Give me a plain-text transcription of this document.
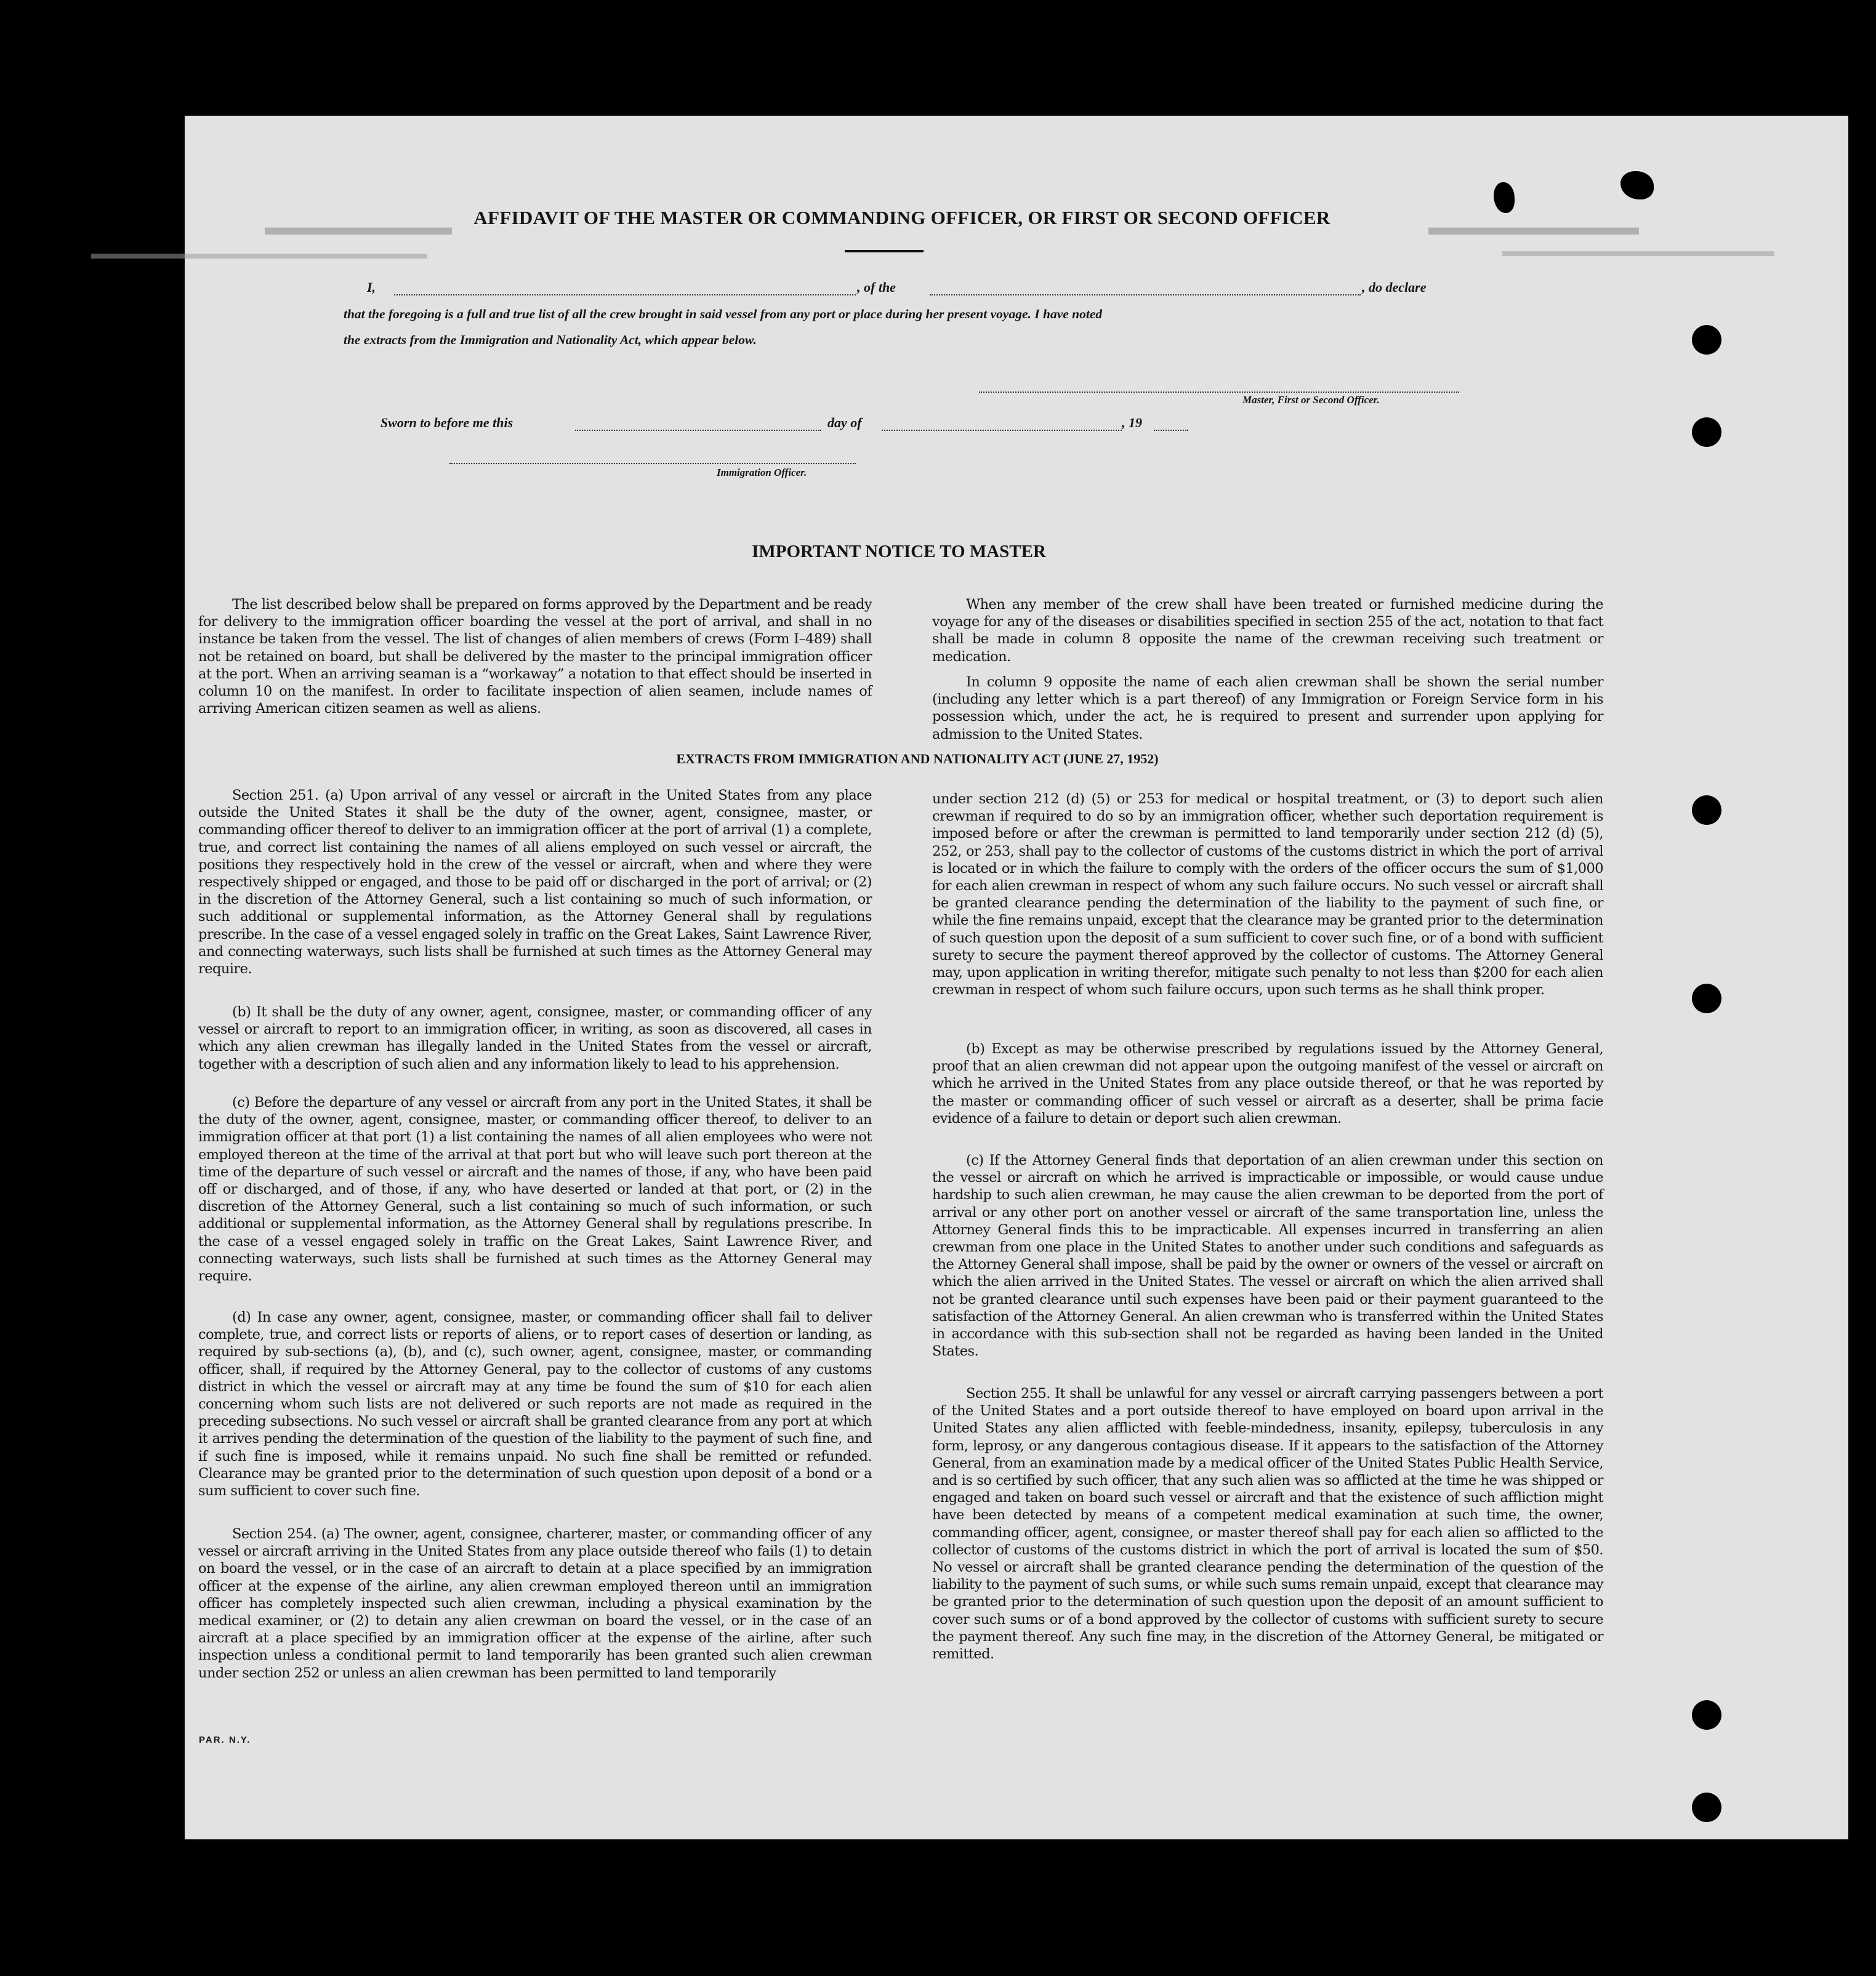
▬▬▬▬▬▬▬▬	▬▬▬▬▬▬▬▬▬
▬▬▬▬▬▬▬▬▬▬▬▬▬▬▬▬▬▬▬▬▬	▬▬▬▬▬▬▬▬▬▬▬▬▬▬▬▬▬
AFFIDAVIT OF THE MASTER OR COMMANDING OFFICER, OR FIRST OR SECOND OFFICER
I,	, of the	, do declare
that the foregoing is a full and true list of all the crew brought in said vessel from any port or place during her present voyage. I have noted
the extracts from the Immigration and Nationality Act, which appear below.
Master, First or Second Officer.
Sworn to before me this	day of	, 19
Immigration Officer.
IMPORTANT NOTICE TO MASTER

The list described below shall be prepared on forms approved by the Department and be ready for delivery to the immigration officer boarding the vessel at the port of arrival, and shall in no instance be taken from the vessel. The list of changes of alien members of crews (Form I–489) shall not be retained on board, but shall be delivered by the master to the principal immigration officer at the port. When an arriving seaman is a “workaway” a notation to that effect should be inserted in column 10 on the manifest. In order to facilitate inspection of alien seamen, include names of arriving American citizen seamen as well as aliens.

When any member of the crew shall have been treated or furnished medicine during the voyage for any of the diseases or disabilities specified in section 255 of the act, notation to that fact shall be made in column 8 opposite the name of the crewman receiving such treatment or medication.

In column 9 opposite the name of each alien crewman shall be shown the serial number (including any letter which is a part thereof) of any Immigration or Foreign Service form in his possession which, under the act, he is required to present and surrender upon applying for admission to the United States.

EXTRACTS FROM IMMIGRATION AND NATIONALITY ACT (JUNE 27, 1952)

Section 251. (a) Upon arrival of any vessel or aircraft in the United States from any place outside the United States it shall be the duty of the owner, agent, consignee, master, or commanding officer thereof to deliver to an immigration officer at the port of arrival (1) a complete, true, and correct list containing the names of all aliens employed on such vessel or aircraft, the positions they respectively hold in the crew of the vessel or aircraft, when and where they were respectively shipped or engaged, and those to be paid off or discharged in the port of arrival; or (2) in the discretion of the Attorney General, such a list containing so much of such information, or such additional or supplemental information, as the Attorney General shall by regulations prescribe. In the case of a vessel engaged solely in traffic on the Great Lakes, Saint Lawrence River, and connecting waterways, such lists shall be furnished at such times as the Attorney General may require.

(b) It shall be the duty of any owner, agent, consignee, master, or commanding officer of any vessel or aircraft to report to an immigration officer, in writing, as soon as discovered, all cases in which any alien crewman has illegally landed in the United States from the vessel or aircraft, together with a description of such alien and any information likely to lead to his apprehension.

(c) Before the departure of any vessel or aircraft from any port in the United States, it shall be the duty of the owner, agent, consignee, master, or commanding officer thereof, to deliver to an immigration officer at that port (1) a list containing the names of all alien employees who were not employed thereon at the time of the arrival at that port but who will leave such port thereon at the time of the departure of such vessel or aircraft and the names of those, if any, who have been paid off or discharged, and of those, if any, who have deserted or landed at that port, or (2) in the discretion of the Attorney General, such a list containing so much of such information, or such additional or supplemental information, as the Attorney General shall by regulations prescribe. In the case of a vessel engaged solely in traffic on the Great Lakes, Saint Lawrence River, and connecting waterways, such lists shall be furnished at such times as the Attorney General may require.

(d) In case any owner, agent, consignee, master, or commanding officer shall fail to deliver complete, true, and correct lists or reports of aliens, or to report cases of desertion or landing, as required by sub-sections (a), (b), and (c), such owner, agent, consignee, master, or commanding officer, shall, if required by the Attorney General, pay to the collector of customs of any customs district in which the vessel or aircraft may at any time be found the sum of $10 for each alien concerning whom such lists are not delivered or such reports are not made as required in the preceding subsections. No such vessel or aircraft shall be granted clearance from any port at which it arrives pending the determination of the question of the liability to the payment of such fine, and if such fine is imposed, while it remains unpaid. No such fine shall be remitted or refunded. Clearance may be granted prior to the determination of such question upon deposit of a bond or a sum sufficient to cover such fine.

Section 254. (a) The owner, agent, consignee, charterer, master, or commanding officer of any vessel or aircraft arriving in the United States from any place outside thereof who fails (1) to detain on board the vessel, or in the case of an aircraft to detain at a place specified by an immigration officer at the expense of the airline, any alien crewman employed thereon until an immigration officer has completely inspected such alien crewman, including a physical examination by the medical examiner, or (2) to detain any alien crewman on board the vessel, or in the case of an aircraft at a place specified by an immigration officer at the expense of the airline, after such inspection unless a conditional permit to land temporarily has been granted such alien crewman under section 252 or unless an alien crewman has been permitted to land temporarily

under section 212 (d) (5) or 253 for medical or hospital treatment, or (3) to deport such alien crewman if required to do so by an immigration officer, whether such deportation requirement is imposed before or after the crewman is permitted to land temporarily under section 212 (d) (5), 252, or 253, shall pay to the collector of customs of the customs district in which the port of arrival is located or in which the failure to comply with the orders of the officer occurs the sum of $1,000 for each alien crewman in respect of whom any such failure occurs. No such vessel or aircraft shall be granted clearance pending the determination of the liability to the payment of such fine, or while the fine remains unpaid, except that the clearance may be granted prior to the determination of such question upon the deposit of a sum sufficient to cover such fine, or of a bond with sufficient surety to secure the payment thereof approved by the collector of customs. The Attorney General may, upon application in writing therefor, mitigate such penalty to not less than $200 for each alien crewman in respect of whom such failure occurs, upon such terms as he shall think proper.

(b) Except as may be otherwise prescribed by regulations issued by the Attorney General, proof that an alien crewman did not appear upon the outgoing manifest of the vessel or aircraft on which he arrived in the United States from any place outside thereof, or that he was reported by the master or commanding officer of such vessel or aircraft as a deserter, shall be prima facie evidence of a failure to detain or deport such alien crewman.

(c) If the Attorney General finds that deportation of an alien crewman under this section on the vessel or aircraft on which he arrived is impracticable or impossible, or would cause undue hardship to such alien crewman, he may cause the alien crewman to be deported from the port of arrival or any other port on another vessel or aircraft of the same transportation line, unless the Attorney General finds this to be impracticable. All expenses incurred in transferring an alien crewman from one place in the United States to another under such conditions and safeguards as the Attorney General shall impose, shall be paid by the owner or owners of the vessel or aircraft on which the alien arrived in the United States. The vessel or aircraft on which the alien arrived shall not be granted clearance until such expenses have been paid or their payment guaranteed to the satisfaction of the Attorney General. An alien crewman who is transferred within the United States in accordance with this sub-section shall not be regarded as having been landed in the United States.

Section 255. It shall be unlawful for any vessel or aircraft carrying passengers between a port of the United States and a port outside thereof to have employed on board upon arrival in the United States any alien afflicted with feeble-mindedness, insanity, epilepsy, tuberculosis in any form, leprosy, or any dangerous contagious disease. If it appears to the satisfaction of the Attorney General, from an examination made by a medical officer of the United States Public Health Service, and is so certified by such officer, that any such alien was so afflicted at the time he was shipped or engaged and taken on board such vessel or aircraft and that the existence of such affliction might have been detected by means of a competent medical examination at such time, the owner, commanding officer, agent, consignee, or master thereof shall pay for each alien so afflicted to the collector of customs of the customs district in which the port of arrival is located the sum of $50. No vessel or aircraft shall be granted clearance pending the determination of the question of the liability to the payment of such sums, or while such sums remain unpaid, except that clearance may be granted prior to the determination of such question upon the deposit of an amount sufficient to cover such sums or of a bond approved by the collector of customs with sufficient surety to secure the payment thereof. Any such fine may, in the discretion of the Attorney General, be mitigated or remitted.

PAR. N.Y.
